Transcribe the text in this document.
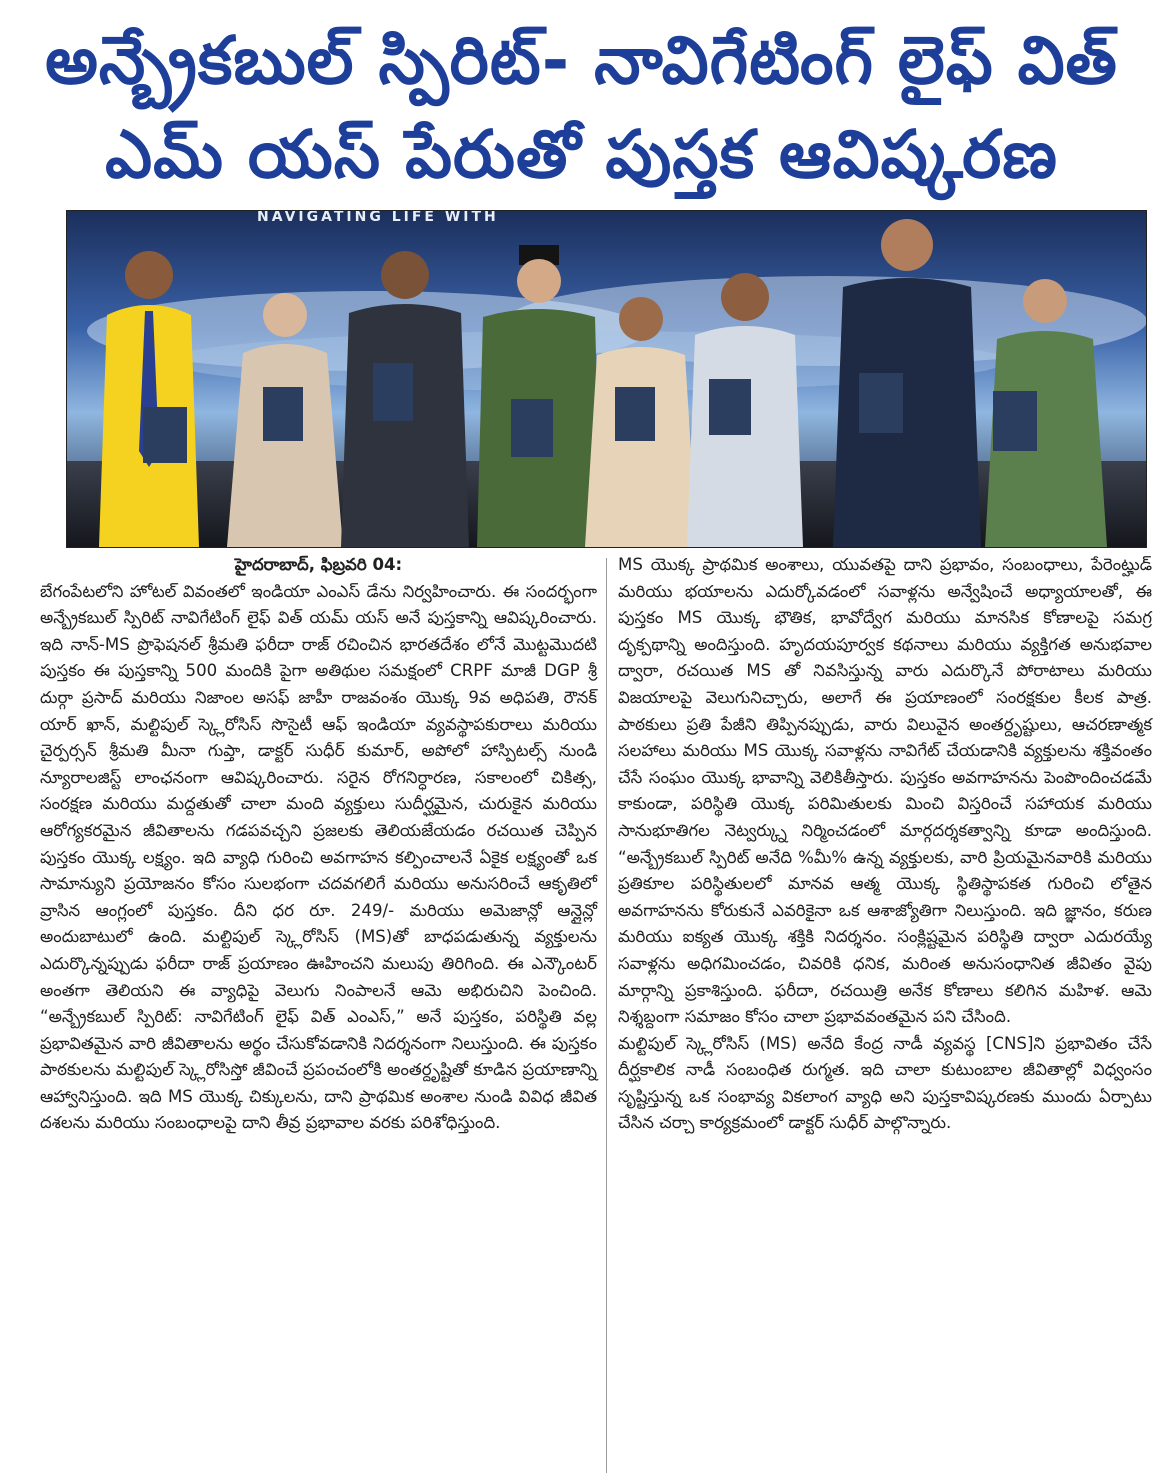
అన్బ్రేకబుల్ స్పిరిట్- నావిగేటింగ్ లైఫ్ విత్
ఎమ్ యస్ పేరుతో పుస్తక ఆవిష్కరణ
NAVIGATING LIFE WITH
హైదరాబాద్, ఫిబ్రవరి 04:

బేగంపేటలోని హోటల్ వివంతలో ఇండియా ఎంఎస్ డేను నిర్వహించారు. ఈ సందర్భంగా అన్బ్రేకబుల్ స్పిరిట్ నావిగేటింగ్ లైఫ్ విత్ యమ్ యస్ అనే పుస్తకాన్ని ఆవిష్కరించారు. ఇది నాన్-MS ప్రొఫెషనల్ శ్రీమతి ఫరీదా రాజ్ రచించిన భారతదేశం లోనే మొట్టమొదటి పుస్తకం ఈ పుస్తకాన్ని 500 మందికి పైగా అతిథుల సమక్షంలో CRPF మాజీ DGP శ్రీ దుర్గా ప్రసాద్ మరియు నిజాంల అసఫ్ జాహీ రాజవంశం యొక్క 9వ అధిపతి, రౌనక్ యార్ ఖాన్, మల్టిపుల్ స్క్లెరోసిస్ సొసైటీ ఆఫ్ ఇండియా వ్యవస్థాపకురాలు మరియు చైర్పర్సన్ శ్రీమతి మీనా గుప్తా, డాక్టర్ సుధీర్ కుమార్, అపోలో హాస్పిటల్స్ నుండి న్యూరాలజిస్ట్ లాంఛనంగా ఆవిష్కరించారు. సరైన రోగనిర్ధారణ, సకాలంలో చికిత్స, సంరక్షణ మరియు మద్దతుతో చాలా మంది వ్యక్తులు సుదీర్ఘమైన, చురుకైన మరియు ఆరోగ్యకరమైన జీవితాలను గడపవచ్చని ప్రజలకు తెలియజేయడం రచయిత చెప్పిన పుస్తకం యొక్క లక్ష్యం. ఇది వ్యాధి గురించి అవగాహన కల్పించాలనే ఏకైక లక్ష్యంతో ఒక సామాన్యుని ప్రయోజనం కోసం సులభంగా చదవగలిగే మరియు అనుసరించే ఆకృతిలో వ్రాసిన ఆంగ్లంలో పుస్తకం. దీని ధర రూ. 249/- మరియు అమెజాన్లో ఆన్లైన్లో అందుబాటులో ఉంది. మల్టిపుల్ స్క్లెరోసిస్ (MS)తో బాధపడుతున్న వ్యక్తులను ఎదుర్కొన్నప్పుడు ఫరీదా రాజ్ ప్రయాణం ఊహించని మలుపు తిరిగింది. ఈ ఎన్కౌంటర్ అంతగా తెలియని ఈ వ్యాధిపై వెలుగు నింపాలనే ఆమె అభిరుచిని పెంచింది. “అన్బ్రేకబుల్ స్పిరిట్: నావిగేటింగ్ లైఫ్ విత్ ఎంఎస్,” అనే పుస్తకం, పరిస్థితి వల్ల ప్రభావితమైన వారి జీవితాలను అర్థం చేసుకోవడానికి నిదర్శనంగా నిలుస్తుంది. ఈ పుస్తకం పాఠకులను మల్టిపుల్ స్క్లెరోసిస్తో జీవించే ప్రపంచంలోకి అంతర్దృష్టితో కూడిన ప్రయాణాన్ని ఆహ్వానిస్తుంది. ఇది MS యొక్క చిక్కులను, దాని ప్రాథమిక అంశాల నుండి వివిధ జీవిత దశలను మరియు సంబంధాలపై దాని తీవ్ర ప్రభావాల వరకు పరిశోధిస్తుంది.

MS యొక్క ప్రాథమిక అంశాలు, యువతపై దాని ప్రభావం, సంబంధాలు, పేరెంట్హుడ్ మరియు భయాలను ఎదుర్కోవడంలో సవాళ్లను అన్వేషించే అధ్యాయాలతో, ఈ పుస్తకం MS యొక్క భౌతిక, భావోద్వేగ మరియు మానసిక కోణాలపై సమగ్ర దృక్పథాన్ని అందిస్తుంది. హృదయపూర్వక కథనాలు మరియు వ్యక్తిగత అనుభవాల ద్వారా, రచయిత MS తో నివసిస్తున్న వారు ఎదుర్కొనే పోరాటాలు మరియు విజయాలపై వెలుగునిచ్చారు, అలాగే ఈ ప్రయాణంలో సంరక్షకుల కీలక పాత్ర. పాఠకులు ప్రతి పేజీని తిప్పినప్పుడు, వారు విలువైన అంతర్దృష్టులు, ఆచరణాత్మక సలహాలు మరియు MS యొక్క సవాళ్లను నావిగేట్ చేయడానికి వ్యక్తులను శక్తివంతం చేసే సంఘం యొక్క భావాన్ని వెలికితీస్తారు. పుస్తకం అవగాహనను పెంపొందించడమే కాకుండా, పరిస్థితి యొక్క పరిమితులకు మించి విస్తరించే సహాయక మరియు సానుభూతిగల నెట్వర్క్ను నిర్మించడంలో మార్గదర్శకత్వాన్ని కూడా అందిస్తుంది. “అన్బ్రేకబుల్ స్పిరిట్ అనేది %మీ% ఉన్న వ్యక్తులకు, వారి ప్రియమైనవారికి మరియు ప్రతికూల పరిస్థితులలో మానవ ఆత్మ యొక్క స్థితిస్థాపకత గురించి లోతైన అవగాహనను కోరుకునే ఎవరికైనా ఒక ఆశాజ్యోతిగా నిలుస్తుంది. ఇది జ్ఞానం, కరుణ మరియు ఐక్యత యొక్క శక్తికి నిదర్శనం. సంక్లిష్టమైన పరిస్థితి ద్వారా ఎదురయ్యే సవాళ్లను అధిగమించడం, చివరికి ధనిక, మరింత అనుసంధానిత జీవితం వైపు మార్గాన్ని ప్రకాశిస్తుంది. ఫరీదా, రచయిత్రి అనేక కోణాలు కలిగిన మహిళ. ఆమె నిశ్శబ్దంగా సమాజం కోసం చాలా ప్రభావవంతమైన పని చేసింది.

మల్టిపుల్ స్క్లెరోసిస్ (MS) అనేది కేంద్ర నాడీ వ్యవస్థ [CNS]ని ప్రభావితం చేసే దీర్ఘకాలిక నాడీ సంబంధిత రుగ్మత. ఇది చాలా కుటుంబాల జీవితాల్లో విధ్వంసం సృష్టిస్తున్న ఒక సంభావ్య వికలాంగ వ్యాధి అని పుస్తకావిష్కరణకు ముందు ఏర్పాటు చేసిన చర్చా కార్యక్రమంలో డాక్టర్ సుధీర్ పాల్గొన్నారు.
